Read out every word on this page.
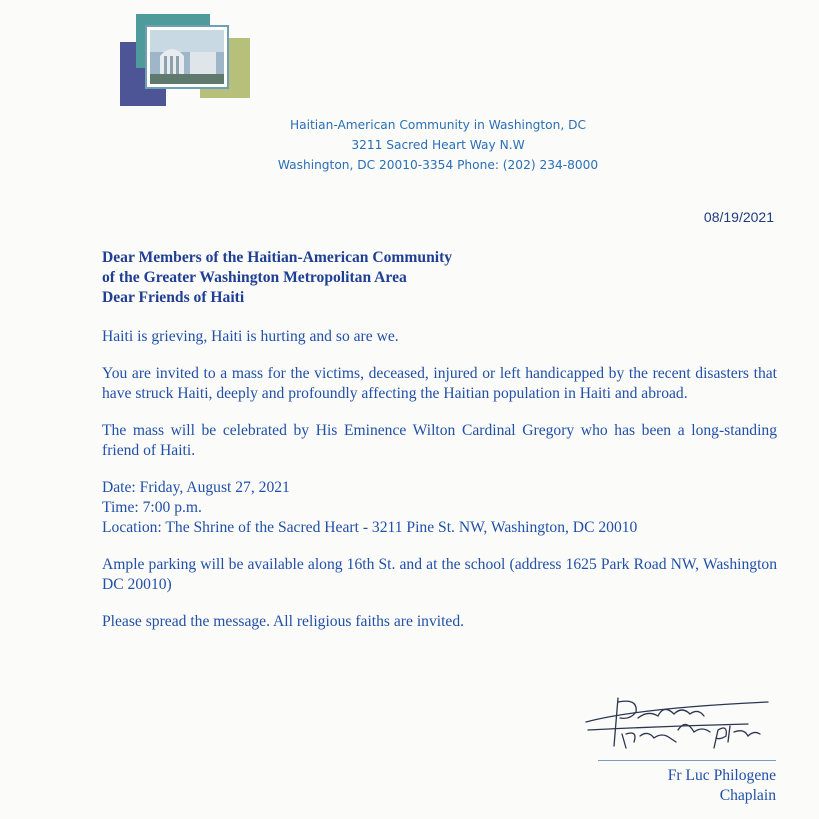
Haitian-American Community in Washington, DC
3211 Sacred Heart Way N.W
Washington, DC 20010-3354 Phone: (202) 234-8000
08/19/2021
Dear Members of the Haitian-American Community
of the Greater Washington Metropolitan Area
Dear Friends of Haiti

Haiti is grieving, Haiti is hurting and so are we.

You are invited to a mass for the victims, deceased, injured or left handicapped by the recent disasters that have struck Haiti, deeply and profoundly affecting the Haitian population in Haiti and abroad.

The mass will be celebrated by His Eminence Wilton Cardinal Gregory who has been a long-standing friend of Haiti.

Date: Friday, August 27, 2021
Time: 7:00 p.m.
Location: The Shrine of the Sacred Heart - 3211 Pine St. NW, Washington, DC 20010

Ample parking will be available along 16th St. and at the school (address 1625 Park Road NW, Washington DC 20010)

Please spread the message. All religious faiths are invited.

Fr Luc Philogene
Chaplain
